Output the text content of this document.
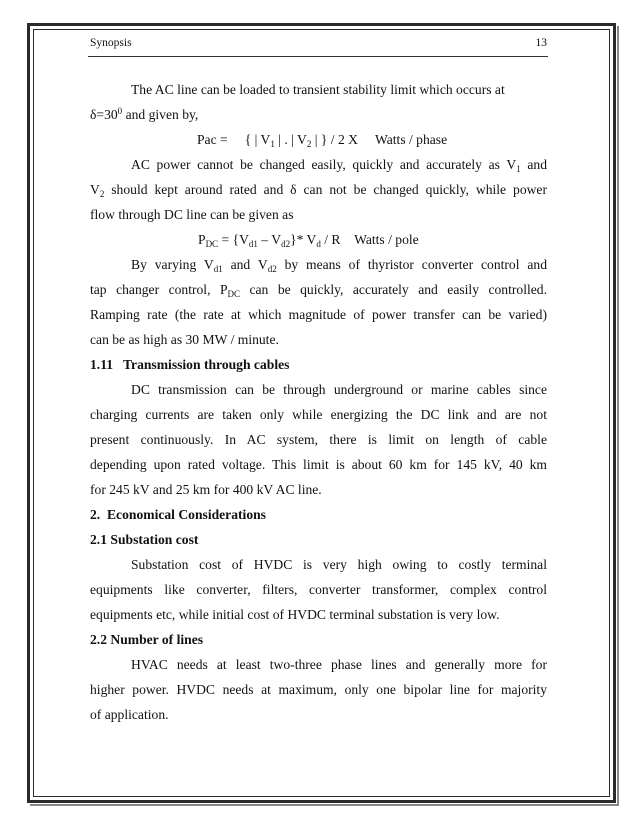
Synopsis	13
The AC line can be loaded to transient stability limit which occurs at
$\delta=30^0$ and given by,
Pac = { | $V_1$ | . | $V_2$ | } / 2 X Watts / phase
AC power cannot be changed easily, quickly and accurately as $V_1$ and
$V_2$ should kept around rated and δ can not be changed quickly, while power
flow through DC line can be given as
$P_{DC} = \{V_{d1} - V_{d2}\}*$ $V_d$ / R Watts / pole
By varying $V_{d1}$ and $V_{d2}$ by means of thyristor converter control and
tap changer control, $P_{DC}$ can be quickly, accurately and easily controlled.
Ramping rate (the rate at which magnitude of power transfer can be varied)
can be as high as 30 MW / minute.
1.11   Transmission through cables
DC transmission can be through underground or marine cables since
charging currents are taken only while energizing the DC link and are not
present continuously. In AC system, there is limit on length of cable
depending upon rated voltage. This limit is about 60 km for 145 kV, 40 km
for 245 kV and 25 km for 400 kV AC line.
2.  Economical Considerations
2.1 Substation cost
Substation cost of HVDC is very high owing to costly terminal
equipments like converter, filters, converter transformer, complex control
equipments etc, while initial cost of HVDC terminal substation is very low.
2.2 Number of lines
HVAC needs at least two-three phase lines and generally more for
higher power. HVDC needs at maximum, only one bipolar line for majority
of application.
